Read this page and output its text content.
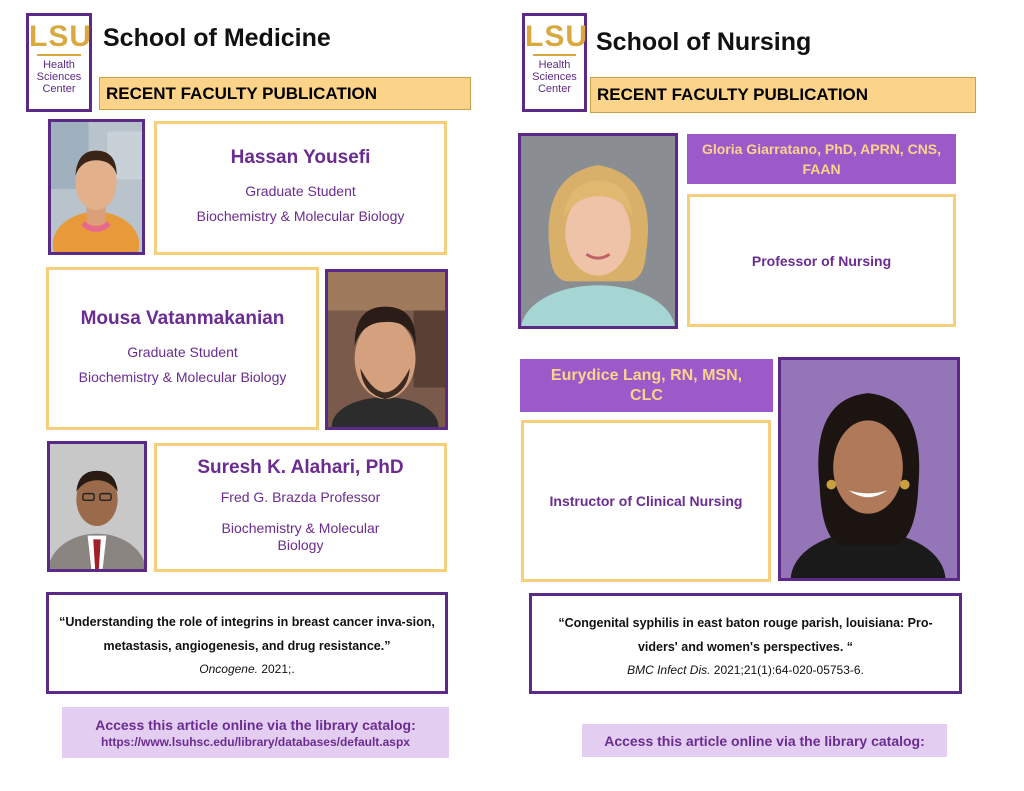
LSU
Health
Sciences
Center
School of Medicine
RECENT FACULTY PUBLICATION
Hassan Yousefi
Graduate Student
Biochemistry & Molecular Biology
Mousa Vatanmakanian
Graduate Student
Biochemistry & Molecular Biology
Suresh K. Alahari, PhD
Fred G. Brazda Professor
Biochemistry & Molecular Biology
“Understanding the role of integrins in breast cancer inva-sion, metastasis, angiogenesis, and drug resistance.”
Oncogene. 2021;.
Access this article online via the library catalog:
https://www.lsuhsc.edu/library/databases/default.aspx
LSU
Health
Sciences
Center
School of Nursing
RECENT FACULTY PUBLICATION
Gloria Giarratano, PhD, APRN, CNS, FAAN
Professor of Nursing
Eurydice Lang, RN, MSN, CLC
Instructor of Clinical Nursing
“Congenital syphilis in east baton rouge parish, louisiana: Pro-viders' and women's perspectives. “
BMC Infect Dis. 2021;21(1):64-020-05753-6.
Access this article online via the library catalog:
